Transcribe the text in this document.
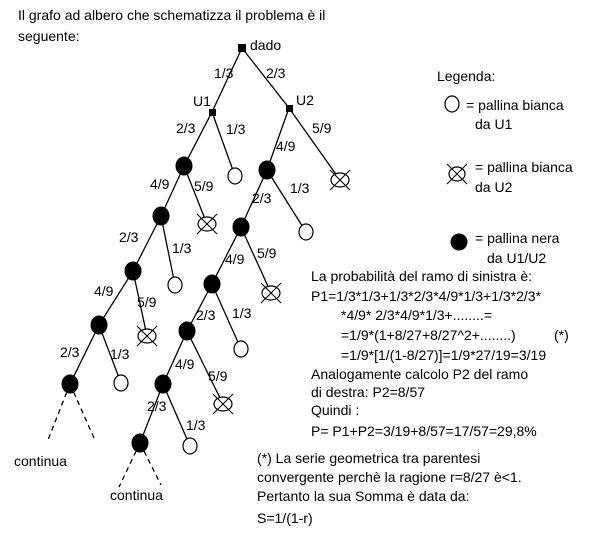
Il grafo ad albero che schematizza il problema è il
seguente:
dado
U1	U2
1/3 2/3
2/3 1/3	5/9
4/9
1/3
2/3
4/9 5/9
2/3
1/3
4/9
5/9
2/3 1/3
4/9 5/9
2/3 1/3
4/9
5/9
2/3
1/3
continua
continua
Legenda:
= pallina bianca
da U1
= pallina bianca
da U2
= pallina nera
da U1/U2
La probabilità del ramo di sinistra è:
P1=1/3*1/3+1/3*2/3*4/9*1/3+1/3*2/3*
*4/9* 2/3*4/9*1/3+........=
=1/9*(1+8/27+8/27^2+........)	(*)
=1/9*[1/(1-8/27)]=1/9*27/19=3/19
Analogamente calcolo P2 del ramo
di destra: P2=8/57
Quindi :
P= P1+P2=3/19+8/57=17/57=29,8%
(*) La serie geometrica tra parentesi
convergente perchè la ragione r=8/27 è<1.
Pertanto la sua Somma è data da:
S=1/(1-r)
